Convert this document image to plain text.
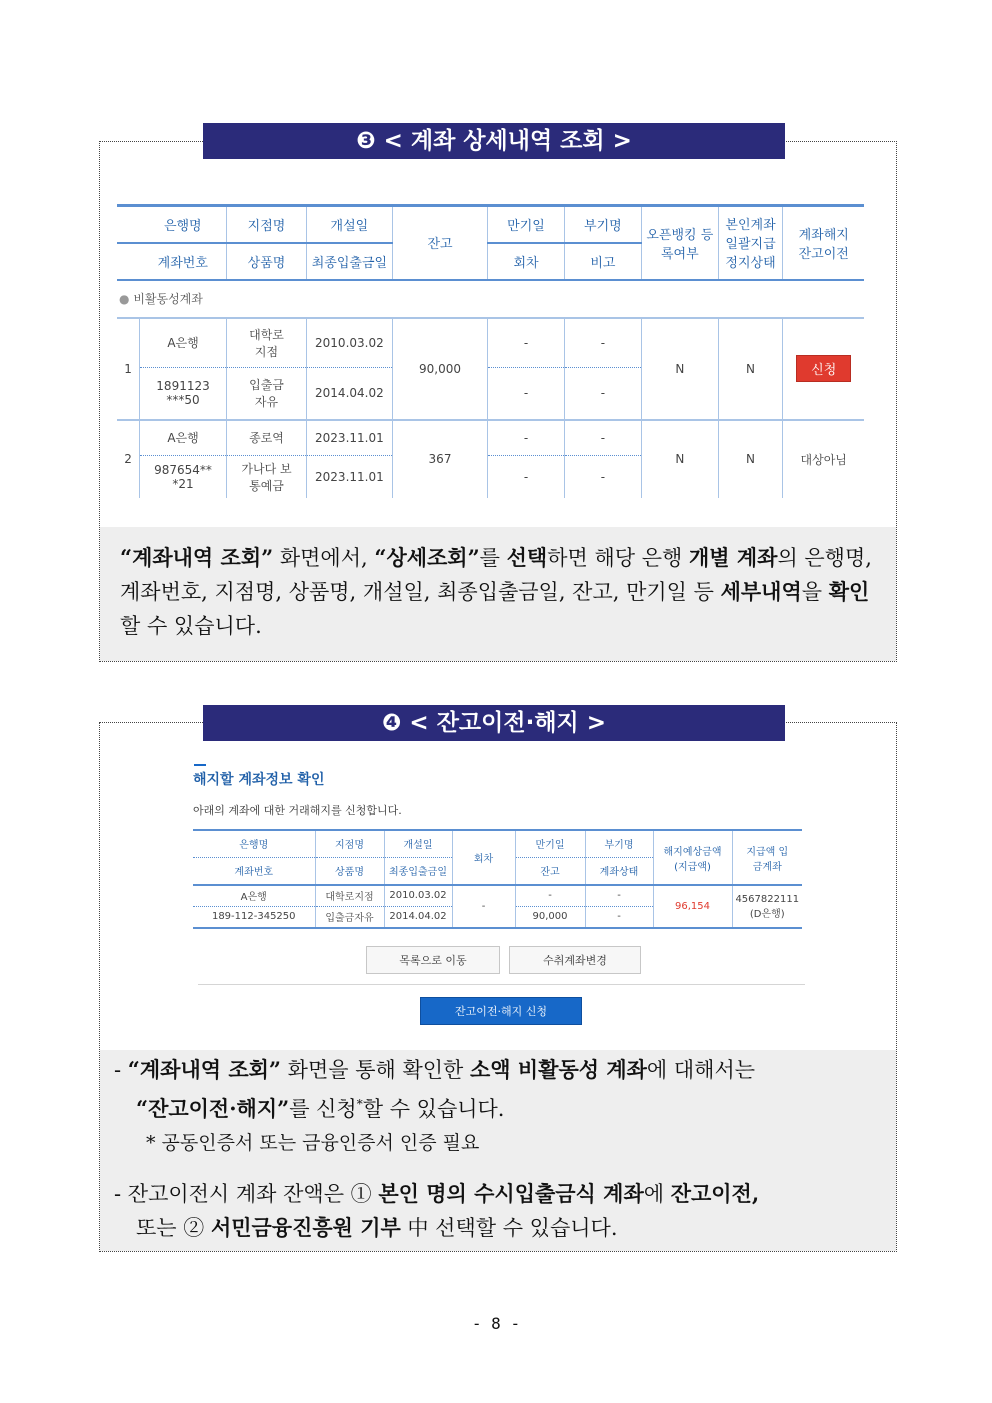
❸ < 계좌 상세내역 조회 >
	은행명	지점명	개설일	잔고	만기일	부기명	오픈뱅킹 등록여부	본인계좌 일괄지급 정지상태	계좌해지 잔고이전
	계좌번호	상품명	최종입출금일		회차	비고			
● 비활동성계좌									
1	A은행	대학로 지점	2010.03.02	90,000	-	-	N	N	신청
	1891123 ***50	입출금 자유	2014.04.02		-	-			
2	A은행	종로역	2023.11.01	367	-	-	N	N	대상아님
	987654** *21	가나다 보통예금	2023.11.01		-	-			
“계좌내역 조회” 화면에서, “상세조회”를 선택하면 해당 은행 개별 계좌의 은행명, 계좌번호, 지점명, 상품명, 개설일, 최종입출금일, 잔고, 만기일 등 세부내역을 확인할 수 있습니다.
❹ < 잔고이전·해지 >
해지할 계좌정보 확인
아래의 계좌에 대한 거래해지를 신청합니다.
은행명	지점명	개설일	회차	만기일	부기명	해지예상금액 (지급액)	지급액 입금계좌
계좌번호	상품명	최종입출금일		잔고	계좌상태		
A은행	대학로지점	2010.03.02	-	-	-	96,154	4567822111
(D은행)

189-112-345250	입출금자유	2014.04.02		90,000	-		
목록으로 이동	수취계좌변경
잔고이전·해지 신청
- “계좌내역 조회” 화면을 통해 확인한 소액 비활동성 계좌에 대해서는
“잔고이전·해지”를 신청*할 수 있습니다.
* 공동인증서 또는 금융인증서 인증 필요
- 잔고이전시 계좌 잔액은 ① 본인 명의 수시입출금식 계좌에 잔고이전,
또는 ② 서민금융진흥원 기부 中 선택할 수 있습니다.
- 8 -
